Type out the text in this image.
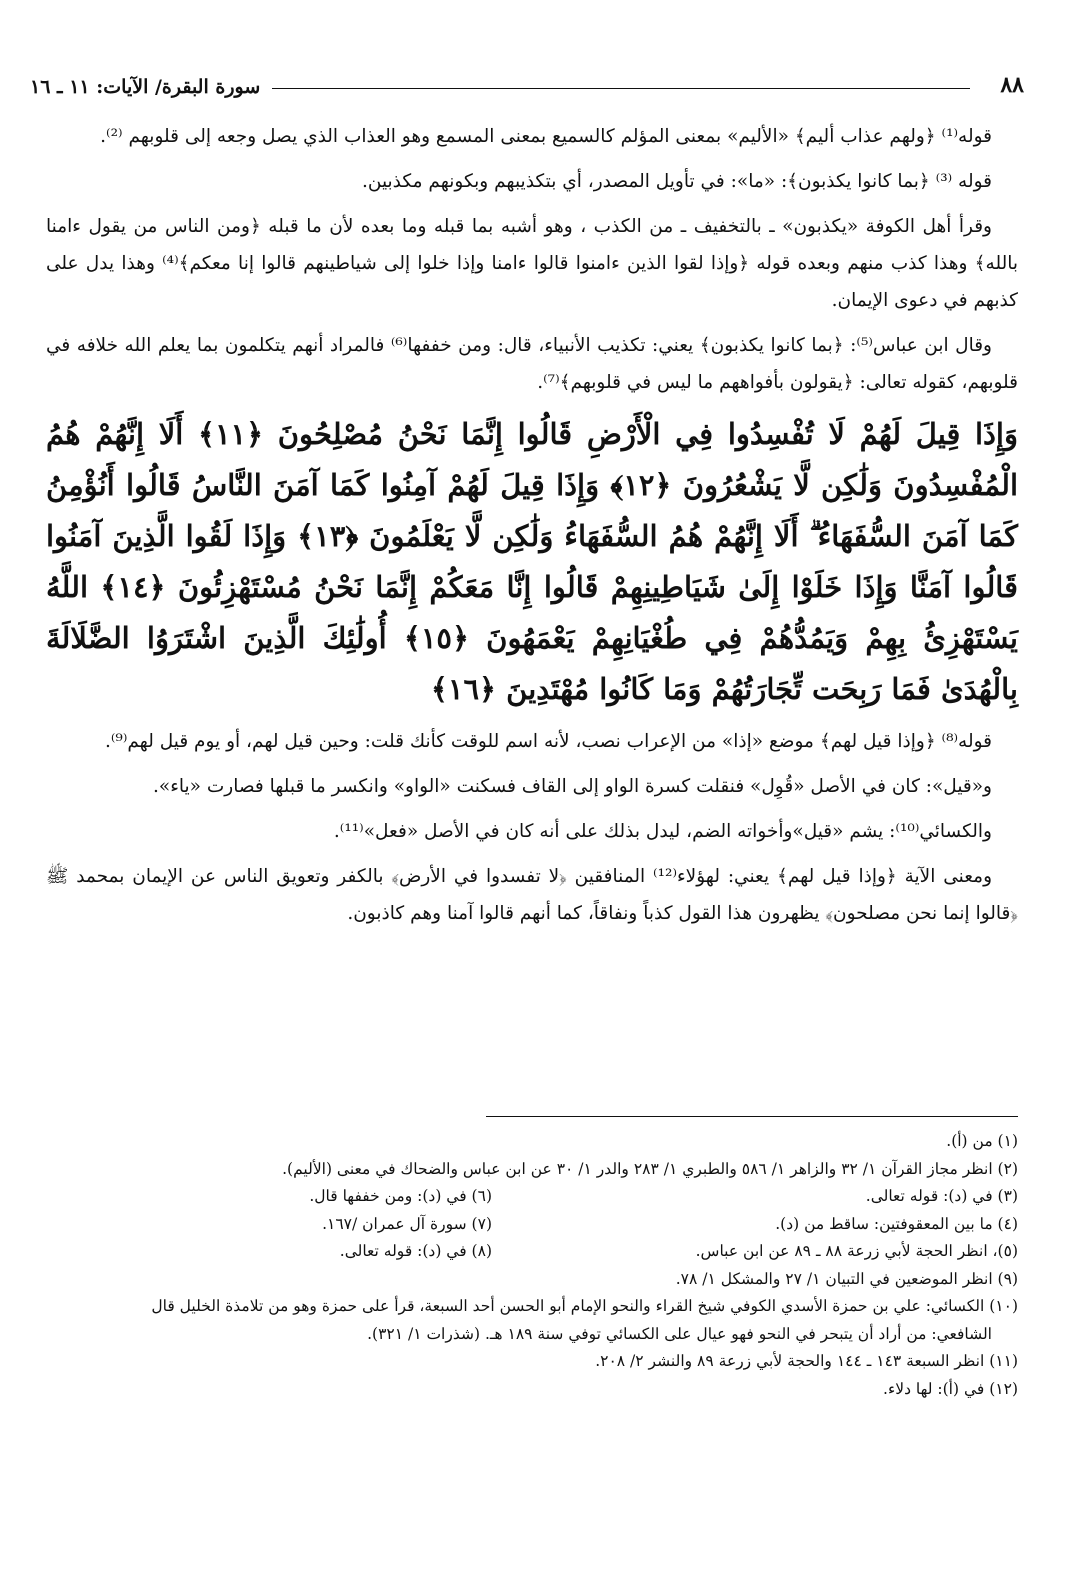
٨٨
سورة البقرة/ الآيات: ١١ ـ ١٦

قوله⁽¹⁾ ﴿ولهم عذاب أليم﴾ «الأليم» بمعنى المؤلم كالسميع بمعنى المسمع وهو العذاب الذي يصل وجعه إلى قلوبهم ⁽²⁾.

قوله ⁽³⁾ ﴿بما كانوا يكذبون﴾: «ما»: في تأويل المصدر، أي بتكذيبهم وبكونهم مكذبين.

وقرأ أهل الكوفة «يكذبون» ـ بالتخفيف ـ من الكذب ، وهو أشبه بما قبله وما بعده لأن ما قبله ﴿ومن الناس من يقول ءامنا بالله﴾ وهذا كذب منهم وبعده قوله ﴿وإذا لقوا الذين ءامنوا قالوا ءامنا وإذا خلوا إلى شياطينهم قالوا إنا معكم﴾⁽⁴⁾ وهذا يدل على كذبهم في دعوى الإيمان.

وقال ابن عباس⁽⁵⁾: ﴿بما كانوا يكذبون﴾ يعني: تكذيب الأنبياء، قال: ومن خففها⁽⁶⁾ فالمراد أنهم يتكلمون بما يعلم الله خلافه في قلوبهم، كقوله تعالى: ﴿يقولون بأفواههم ما ليس في قلوبهم﴾⁽⁷⁾.

وَإِذَا قِيلَ لَهُمْ لَا تُفْسِدُوا فِي الْأَرْضِ قَالُوا إِنَّمَا نَحْنُ مُصْلِحُونَ ﴿١١﴾ أَلَا إِنَّهُمْ هُمُ الْمُفْسِدُونَ وَلَٰكِن لَّا يَشْعُرُونَ ﴿١٢﴾ وَإِذَا قِيلَ لَهُمْ آمِنُوا كَمَا آمَنَ النَّاسُ قَالُوا أَنُؤْمِنُ كَمَا آمَنَ السُّفَهَاءُ ۗ أَلَا إِنَّهُمْ هُمُ السُّفَهَاءُ وَلَٰكِن لَّا يَعْلَمُونَ ﴿١٣﴾ وَإِذَا لَقُوا الَّذِينَ آمَنُوا قَالُوا آمَنَّا وَإِذَا خَلَوْا إِلَىٰ شَيَاطِينِهِمْ قَالُوا إِنَّا مَعَكُمْ إِنَّمَا نَحْنُ مُسْتَهْزِئُونَ ﴿١٤﴾ اللَّهُ يَسْتَهْزِئُ بِهِمْ وَيَمُدُّهُمْ فِي طُغْيَانِهِمْ يَعْمَهُونَ ﴿١٥﴾ أُولَٰئِكَ الَّذِينَ اشْتَرَوُا الضَّلَالَةَ بِالْهُدَىٰ فَمَا رَبِحَت تِّجَارَتُهُمْ وَمَا كَانُوا مُهْتَدِينَ ﴿١٦﴾

قوله⁽⁸⁾ ﴿وإذا قيل لهم﴾ موضع «إذا» من الإعراب نصب، لأنه اسم للوقت كأنك قلت: وحين قيل لهم، أو يوم قيل لهم⁽⁹⁾.

و«قيل»: كان في الأصل «قُوِل» فنقلت كسرة الواو إلى القاف فسكنت «الواو» وانكسر ما قبلها فصارت «ياء».

والكسائي⁽¹⁰⁾: يشم «قيل»وأخواته الضم، ليدل بذلك على أنه كان في الأصل «فعل»⁽¹¹⁾.

ومعنى الآية ﴿وإذا قيل لهم﴾ يعني: لهؤلاء⁽¹²⁾ المنافقين ﴿لا تفسدوا في الأرض﴾ بالكفر وتعويق الناس عن الإيمان بمحمد ﷺ ﴿قالوا إنما نحن مصلحون﴾ يظهرون هذا القول كذباً ونفاقاً، كما أنهم قالوا آمنا وهم كاذبون.

(١) من (أ).

(٢) انظر مجاز القرآن ١/ ٣٢ والزاهر ١/ ٥٨٦ والطبري ١/ ٢٨٣ والدر ١/ ٣٠ عن ابن عباس والضحاك في معنى (الأليم).

(٣) في (د): قوله تعالى.

(٤) ما بين المعقوفتين: ساقط من (د).

(٥)، انظر الحجة لأبي زرعة ٨٨ ـ ٨٩ عن ابن عباس.

(٦) في (د): ومن خففها قال.

(٧) سورة آل عمران /١٦٧.

(٨) في (د): قوله تعالى.

(٩) انظر الموضعين في التبيان ١/ ٢٧ والمشكل ١/ ٧٨.

(١٠) الكسائي: علي بن حمزة الأسدي الكوفي شيخ القراء والنحو الإمام أبو الحسن أحد السبعة، قرأ على حمزة وهو من تلامذة الخليل قال
الشافعي: من أراد أن يتبحر في النحو فهو عيال على الكسائي توفي سنة ١٨٩ هـ. (شذرات ١/ ٣٢١).

(١١) انظر السبعة ١٤٣ ـ ١٤٤ والحجة لأبي زرعة ٨٩ والنشر ٢/ ٢٠٨.

(١٢) في (أ): لها دلاء.
